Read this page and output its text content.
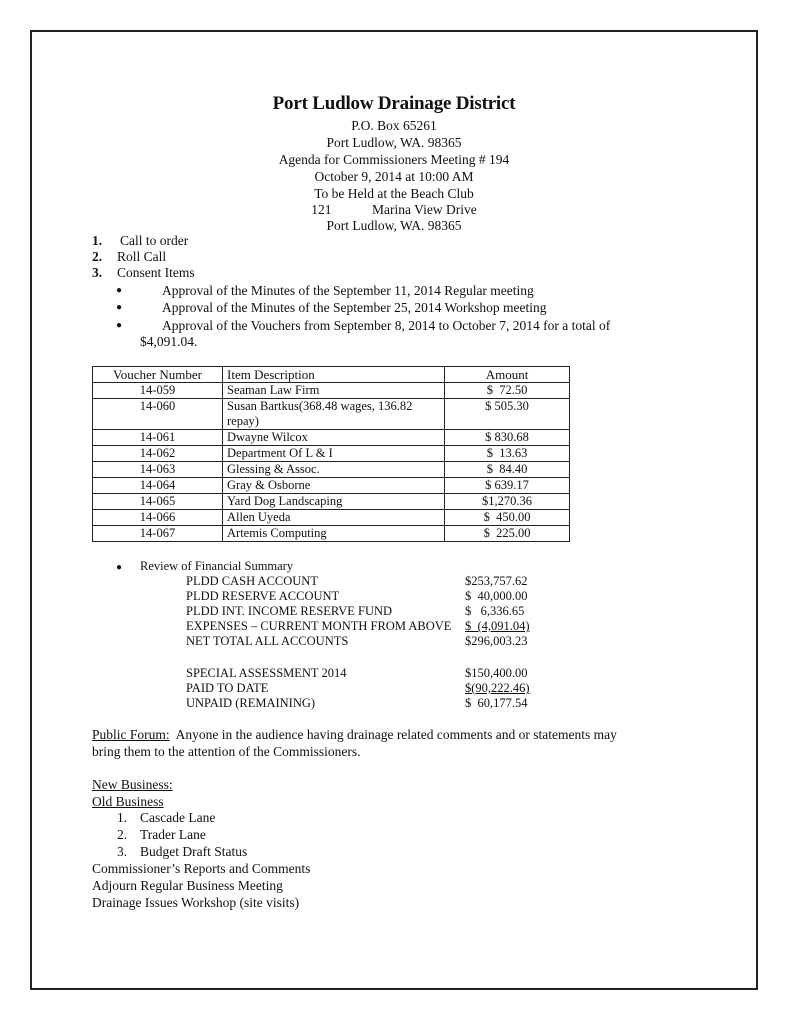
Port Ludlow Drainage District
P.O. Box 65261
Port Ludlow, WA. 98365
Agenda for Commissioners Meeting # 194
October 9, 2014 at 10:00 AM
To be Held at the Beach Club
121            Marina View Drive
Port Ludlow, WA. 98365
1. Call to order
2. Roll Call
3. Consent Items
●	Approval of the Minutes of the September 11, 2014 Regular meeting
●	Approval of the Minutes of the September 25, 2014 Workshop meeting
●	Approval of the Vouchers from September 8, 2014 to October 7, 2014 for a total of
$4,091.04.
Voucher Number	Item Description	Amount
14-059	Seaman Law Firm	$  72.50
14-060	Susan Bartkus(368.48 wages, 136.82 repay)	$ 505.30
14-061	Dwayne Wilcox	$ 830.68
14-062	Department Of L & I	$  13.63
14-063	Glessing & Assoc.	$  84.40
14-064	Gray & Osborne	$ 639.17
14-065	Yard Dog Landscaping	$1,270.36
14-066	Allen Uyeda	$  450.00
14-067	Artemis Computing	$  225.00
● Review of Financial Summary
PLDD CASH ACCOUNT	$253,757.62
PLDD RESERVE ACCOUNT	$  40,000.00
PLDD INT. INCOME RESERVE FUND	$   6,336.65
EXPENSES – CURRENT MONTH FROM ABOVE $  (4,091.04)
NET TOTAL ALL ACCOUNTS	$296,003.23
SPECIAL ASSESSMENT 2014	$150,400.00
PAID TO DATE	$(90,222.46)
UNPAID (REMAINING)	$  60,177.54
Public Forum:  Anyone in the audience having drainage related comments and or statements may
bring them to the attention of the Commissioners.
New Business:
Old Business
1. Cascade Lane
2. Trader Lane
3. Budget Draft Status
Commissioner’s Reports and Comments
Adjourn Regular Business Meeting
Drainage Issues Workshop (site visits)
